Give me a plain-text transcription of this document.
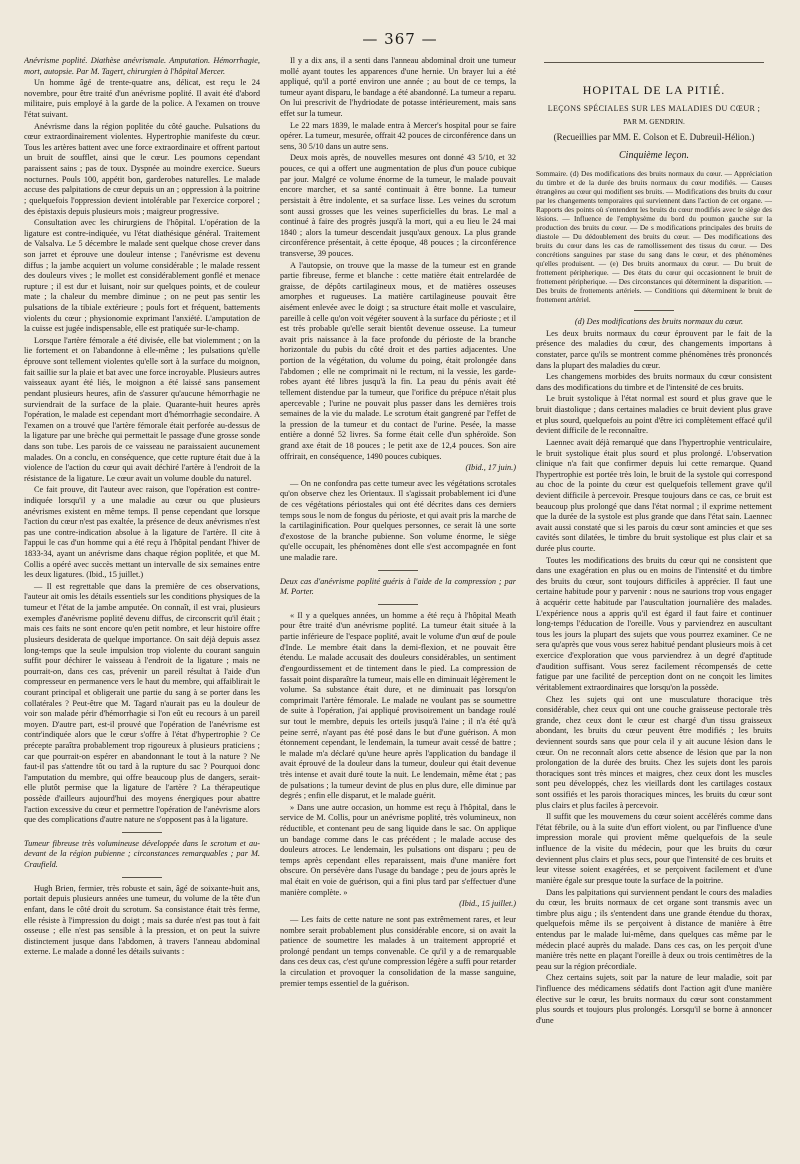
— 367 —

Anévrisme poplité. Diathèse anévrismale. Amputation. Hémorrhagie, mort, autopsie. Par M. Tagert, chirurgien à l'hôpital Mercer.

Un homme âgé de trente-quatre ans, délicat, est reçu le 24 novembre, pour être traité d'un anévrisme poplité. Il avait été d'abord militaire, puis employé à la garde de la police. A l'examen on trouve l'état suivant.

Anévrisme dans la région poplitée du côté gauche. Pulsations du cœur extraordinairement violentes. Hypertrophie manifeste du cœur. Tous les artères battent avec une force extraordinaire et offrent partout un bruit de soufflet, ainsi que le cœur. Les poumons cependant paraissent sains ; pas de toux. Dyspnée au moindre exercice. Sueurs nocturnes. Pouls 100, appétit bon, garderobes naturelles. Le malade accuse des palpitations de cœur depuis un an ; oppression à la poitrine ; quelquefois l'oppression devient intolérable par l'exercice corporel ; des épistaxis depuis plusieurs mois ; maigreur progressive.

Consultation avec les chirurgiens de l'hôpital. L'opération de la ligature est contre-indiquée, vu l'état diathésique général. Traitement de Valsalva. Le 5 décembre le malade sent quelque chose crever dans son jarret et éprouve une douleur intense ; l'anévrisme est devenu diffus ; la jambe acquiert un volume considérable ; le malade ressent des douleurs vives ; le mollet est considérablement gonflé et menace rupture ; il est dur et luisant, noir sur quelques points, et de couleur mate ; la chaleur du membre diminue ; on ne peut pas sentir les pulsations de la tibiale extérieure ; pouls fort et fréquent, battements violents du cœur ; physionomie exprimant l'anxiété. L'amputation de la cuisse est jugée indispensable, elle est pratiquée sur-le-champ.

Lorsque l'artère fémorale a été divisée, elle bat violemment ; on la lie fortement et on l'abandonne à elle-même ; les pulsations qu'elle éprouve sont tellement violentes qu'elle sort à la surface du moignon, fait saillie sur la plaie et bat avec une force incroyable. Plusieurs autres vaisseaux ayant été liés, le moignon a été laissé sans pansement pendant plusieurs heures, afin de s'assurer qu'aucune hémorrhagie ne surviendrait de la surface de la plaie. Quarante-huit heures après l'opération, le malade est cependant mort d'hémorrhagie secondaire. A l'examen on a trouvé que l'artère fémorale était perforée au-dessus de la ligature par une brèche qui permettait le passage d'une grosse sonde dans son tube. Les parois de ce vaisseau ne paraissaient aucunement malades. On a conclu, en conséquence, que cette rupture était due à la violence de l'action du cœur qui avait déchiré l'artère à l'endroit de la résistance de la ligature. Le cœur avait un volume double du naturel.

Ce fait prouve, dit l'auteur avec raison, que l'opération est contre-indiquée lorsqu'il y a une maladie au cœur ou que plusieurs anévrismes existent en même temps. Il pense cependant que lorsque l'action du cœur n'est pas exaltée, la présence de deux anévrismes n'est pas une contre-indication absolue à la ligature de l'artère. Il cite à l'appui le cas d'un homme qui a été reçu à l'hôpital pendant l'hiver de 1833-34, ayant un anévrisme dans chaque région poplitée, et que M. Collis a opéré avec succès mettant un intervalle de six semaines entre les deux ligatures. (Ibid., 15 juillet.)

— Il est regrettable que dans la première de ces observations, l'auteur ait omis les détails essentiels sur les conditions physiques de la tumeur et l'état de la jambe amputée. On connaît, il est vrai, plusieurs exemples d'anévrisme poplité devenu diffus, de circonscrit qu'il était ; mais ces faits ne sont encore qu'en petit nombre, et leur histoire offre plusieurs desiderata de quelque importance. On sait déjà depuis assez long-temps que la seule impulsion trop violente du courant sanguin suffit pour déchirer le vaisseau à l'endroit de la ligature ; mais ne pourrait-on, dans ces cas, prévenir un pareil résultat à l'aide d'un compresseur en permanence vers le haut du membre, qui affaiblirait le courant principal et obligerait une partie du sang à se porter dans les collatérales ? Peut-être que M. Tagard n'aurait pas eu la douleur de voir son malade périr d'hémorrhagie si l'on eût eu recours à un pareil moyen. D'autre part, est-il prouvé que l'opération de l'anévrisme est contr'indiquée alors que le cœur s'offre à l'état d'hypertrophie ? Ce précepte paraîtra probablement trop rigoureux à plusieurs praticiens ; car que pourrait-on espérer en abandonnant le tout à la nature ? Ne faut-il pas s'attendre tôt ou tard à la rupture du sac ? Pourquoi donc l'amputation du membre, qui offre beaucoup plus de dangers, serait-elle plutôt permise que la ligature de l'artère ? La thérapeutique possède d'ailleurs aujourd'hui des moyens énergiques pour abattre l'action excessive du cœur et permettre l'opération de l'anévrisme alors que des complications d'autre nature ne s'opposent pas à la ligature.

Tumeur fibreuse très volumineuse développée dans le scrotum et au-devant de la région pubienne ; circonstances remarquables ; par M. Craufield.

Hugh Brien, fermier, très robuste et sain, âgé de soixante-huit ans, portait depuis plusieurs années une tumeur, du volume de la tête d'un enfant, dans le côté droit du scrotum. Sa consistance était très ferme, elle résiste à l'impression du doigt ; mais sa durée n'est pas tout à fait osseuse ; elle n'est pas sensible à la pression, et on peut la suivre distinctement jusque dans l'abdomen, à travers l'anneau abdominal externe. Le malade a donné les détails suivants :

Il y a dix ans, il a senti dans l'anneau abdominal droit une tumeur mollé ayant toutes les apparences d'une hernie. Un brayer lui a été appliqué, qu'il a porté environ une année ; au bout de ce temps, la tumeur ayant disparu, le bandage a été abandonné. La tumeur a reparu. On lui prescrivit de l'hydriodate de potasse intérieurement, mais sans effet sur la tumeur.

Le 22 mars 1839, le malade entra à Mercer's hospital pour se faire opérer. La tumeur, mesurée, offrait 42 pouces de circonférence dans un sens, 30 5/10 dans un autre sens.

Deux mois après, de nouvelles mesures ont donné 43 5/10, et 32 pouces, ce qui a offert une augmentation de plus d'un pouce cubique par jour. Malgré ce volume énorme de la tumeur, le malade pouvait encore marcher, et sa santé continuait à être bonne. La tumeur persistait à être indolente, et sa surface lisse. Les veines du scrotum sont aussi grosses que les veines superficielles du bras. Le mal a continué à faire des progrès jusqu'à la mort, qui a eu lieu le 24 mai 1840 ; alors la tumeur descendait jusqu'aux genoux. La plus grande circonférence présentait, à cette époque, 48 pouces ; la circonférence transverse, 39 pouces.

A l'autopsie, on trouve que la masse de la tumeur est en grande partie fibreuse, ferme et blanche : cette matière était entrelardée de graisse, de dépôts cartilagineux mous, et de matières osseuses amorphes et rugueuses. La matière cartilagineuse pouvait être aisément enlevée avec le doigt ; sa structure était molle et vasculaire, pareille à celle qu'on voit végéter souvent à la surface du périoste ; et il est très probable qu'elle serait bientôt devenue osseuse. La tumeur avait pris naissance à la face profonde du périoste de la branche horizontale du pubis du côté droit et des parties adjacentes. Une portion de la végétation, du volume du poing, était prolongée dans l'abdomen ; elle ne comprimait ni le rectum, ni la vessie, les garde-robes ayant été libres jusqu'à la fin. La peau du pénis avait été tellement distendue par la tumeur, que l'orifice du prépuce n'était plus apercevable ; l'urine ne pouvait plus passer dans les dernières trois semaines de la vie du malade. Le scrotum était gangrené par l'effet de la pression de la tumeur et du contact de l'urine. Pesée, la masse entière a donné 52 livres. Sa forme était celle d'un sphéroïde. Son grand axe était de 18 pouces ; le petit axe de 12,4 pouces. Son aire offrirait, en conséquence, 1490 pouces cubiques.

(Ibid., 17 juin.)

— On ne confondra pas cette tumeur avec les végétations scrotales qu'on observe chez les Orientaux. Il s'agissait probablement ici d'une de ces végétations périostales qui ont été décrites dans ces derniers temps sous le nom de fongus du périoste, et qui avait pris la marche de la cartilaginification. Pour quelques personnes, ce serait là une sorte d'exostose de la branche pubienne. Son volume énorme, le siège qu'elle occupait, les phénomènes dont elle s'est accompagnée en font une maladie rare.

Deux cas d'anévrisme poplité guéris à l'aide de la compression ; par M. Porter.

« Il y a quelques années, un homme a été reçu à l'hôpital Meath pour être traité d'un anévrisme poplité. La tumeur était située à la partie inférieure de l'espace poplité, avait le volume d'un œuf de poule d'Inde. Le membre était dans la demi-flexion, et ne pouvait être étendu. Le malade accusait des douleurs considérables, un sentiment d'engourdissement et de tintement dans le pied. La compression de fassait point disparaître la tumeur, mais elle en diminuait légèrement le volume. Sa substance était dure, et ne diminuait pas lorsqu'on comprimait l'artère fémorale. Le malade ne voulant pas se soumettre de suite à l'opération, j'ai appliqué provisoirement un bandage roulé sur tout le membre, depuis les orteils jusqu'à l'aine ; il n'a été qu'à peine serré, n'ayant pas été posé dans le but d'une guérison. A mon étonnement cependant, le lendemain, la tumeur avait cessé de battre ; le malade m'a déclaré qu'une heure après l'application du bandage il avait éprouvé de la douleur dans la tumeur, douleur qui était devenue très intense et avait duré toute la nuit. Le lendemain, même état ; pas de pulsations ; la tumeur devint de plus en plus dure, elle diminue par degrés ; enfin elle disparut, et le malade guérit.

» Dans une autre occasion, un homme est reçu à l'hôpital, dans le service de M. Collis, pour un anévrisme poplité, très volumineux, non réductible, et contenant peu de sang liquide dans le sac. On applique un bandage comme dans le cas précédent ; le malade accuse des douleurs atroces. Le lendemain, les pulsations ont disparu ; peu de temps après cependant elles reparaissent, mais d'une manière fort obscure. On persévère dans l'usage du bandage ; peu de jours après le mal était en voie de guérison, qui a fini plus tard par s'effectuer d'une manière complète. »

(Ibid., 15 juillet.)

— Les faits de cette nature ne sont pas extrêmement rares, et leur nombre serait probablement plus considérable encore, si on avait la patience de soumettre les malades à un traitement approprié et prolongé pendant un temps convenable. Ce qu'il y a de remarquable dans ces deux cas, c'est qu'une compression légère a suffi pour retarder la circulation et provoquer la consolidation de la masse sanguine, premier temps essentiel de la guérison.

HOPITAL DE LA PITIÉ.
LEÇONS SPÉCIALES SUR LES MALADIES DU CŒUR ;
PAR M. GENDRIN.
(Recueillies par MM. E. Colson et E. Dubreuil-Hélion.)
Cinquième leçon.
Sommaire. (d) Des modifications des bruits normaux du cœur. — Appréciation du timbre et de la durée des bruits normaux du cœur modifiés. — Causes étrangères au cœur qui modifient ses bruits. — Modifications des bruits du cœur par les changements temporaires qui surviennent dans l'action de cet organe. — Rapports des points où s'entendent les bruits du cœur modifiés avec le siège des lésions. — Influence de l'emphysème du bord du poumon gauche sur la production des bruits du cœur. — De s modifications principales des bruits de diastole — Du dédoublement des bruits du cœur. — Des modifications des bruits du cœur dans les cas de ramollissement des tissus du cœur. — Des concrétions sanguines par stase du sang dans le cœur, et des phénomènes qu'elles produisent. — (e) Des bruits anormaux du cœur. — Du bruit de frottement péripherique. — Des états du cœur qui occasionnent le bruit de frottement péripherique. — Des circonstances qui déterminent la disparition. — Des bruits de frottements artériels. — Conditions qui déterminent le bruit de frottement artériel.

(d) Des modifications des bruits normaux du cœur.

Les deux bruits normaux du cœur éprouvent par le fait de la présence des maladies du cœur, des changements importans à constater, parce qu'ils se montrent comme phénomènes très prononcés dans la plupart des maladies du cœur.

Les changemens morbides des bruits normaux du cœur consistent dans des modifications du timbre et de l'intensité de ces bruits.

Le bruit systolique à l'état normal est sourd et plus grave que le bruit diastolique ; dans certaines maladies ce bruit devient plus grave et plus sourd, quelquefois au point d'être ici complètement effacé qu'il devient difficile de le reconnaître.

Laennec avait déjà remarqué que dans l'hypertrophie ventriculaire, le bruit systolique était plus sourd et plus prolongé. L'observation clinique n'a fait que confirmer depuis lui cette remarque. Quand l'hypertrophie est portée très loin, le bruit de la systole qui correspond au choc de la pointe du cœur est quelquefois tellement grave qu'il devient difficile à percevoir. Presque toujours dans ce cas, ce bruit est beaucoup plus prolongé que dans l'état normal ; il exprime nettement que la durée de la systole est plus grande que dans l'état sain. Laennec avait aussi constaté que si les parois du cœur sont amincies et que ses cavités sont dilatées, le timbre du bruit systolique est plus clair et sa durée plus courte.

Toutes les modifications des bruits du cœur qui ne consistent que dans une exagération en plus ou en moins de l'intensité et du timbre des bruits du cœur, sont toujours difficiles à apprécier. Il faut une certaine habitude pour y parvenir : nous ne saurions trop vous engager à acquérir cette habitude par l'auscultation journalière des malades. L'expérience nous a appris qu'il est égard il faut faire et continuer long-temps l'éducation de l'oreille. Vous y parviendrez en auscultant tous les jours la plupart des sujets que vous pourrez examiner. Ce ne sera qu'après que vous vous serez habitué pendant plusieurs mois à cet exercice d'exploration que vous parviendrez à un degré d'aptitude d'audition suffisant. Vous serez facilement récompensés de cette fatigue par une facilité de perception dont on ne conçoit les limites véritablement extraordinaires que lorsqu'on la possède.

Chez les sujets qui ont une musculature thoracique très considérable, chez ceux qui ont une couche graisseuse pectorale très grande, chez ceux dont le cœur est chargé d'un tissu graisseux abondant, les bruits du cœur peuvent être modifiés ; les bruits deviennent sourds sans que pour cela il y ait aucune lésion dans le cœur. On ne reconnaît alors cette absence de lésion que par la non prolongation de la durée des bruits. Chez les sujets dont les parois thoraciques sont très minces et maigres, chez ceux dont les muscles sont peu développés, chez les vieillards dont les cartilages costaux sont ossifiés et les parois thoraciques minces, les bruits du cœur sont plus clairs et plus faciles à percevoir.

Il suffit que les mouvemens du cœur soient accélérés comme dans l'état fébrile, ou à la suite d'un effort violent, ou par l'influence d'une impression morale qui provient même quelquefois de la seule influence de la visite du médecin, pour que les bruits du cœur deviennent plus clairs et plus secs, pour que l'intensité de ces bruits et leur vitesse soient exagérées, et se perçoivent facilement et d'une manière égale sur presque toute la surface de la poitrine.

Dans les palpitations qui surviennent pendant le cours des maladies du cœur, les bruits normaux de cet organe sont transmis avec un timbre plus aigu ; ils s'entendent dans une grande étendue du thorax, quelquefois même ils se perçoivent à distance de manière à être entendus par le malade lui-même, dans quelques cas même par le médecin placé auprès du malade. Dans ces cas, on les perçoit d'une manière très nette en plaçant l'oreille à deux ou trois centimètres de la peau sur la région précordiale.

Chez certains sujets, soit par la nature de leur maladie, soit par l'influence des médicamens sédatifs dont l'action agit d'une manière élective sur le cœur, les bruits normaux du cœur sont constamment plus sourds et toujours plus prolongés. Lorsqu'il se borne à annoncer d'une
